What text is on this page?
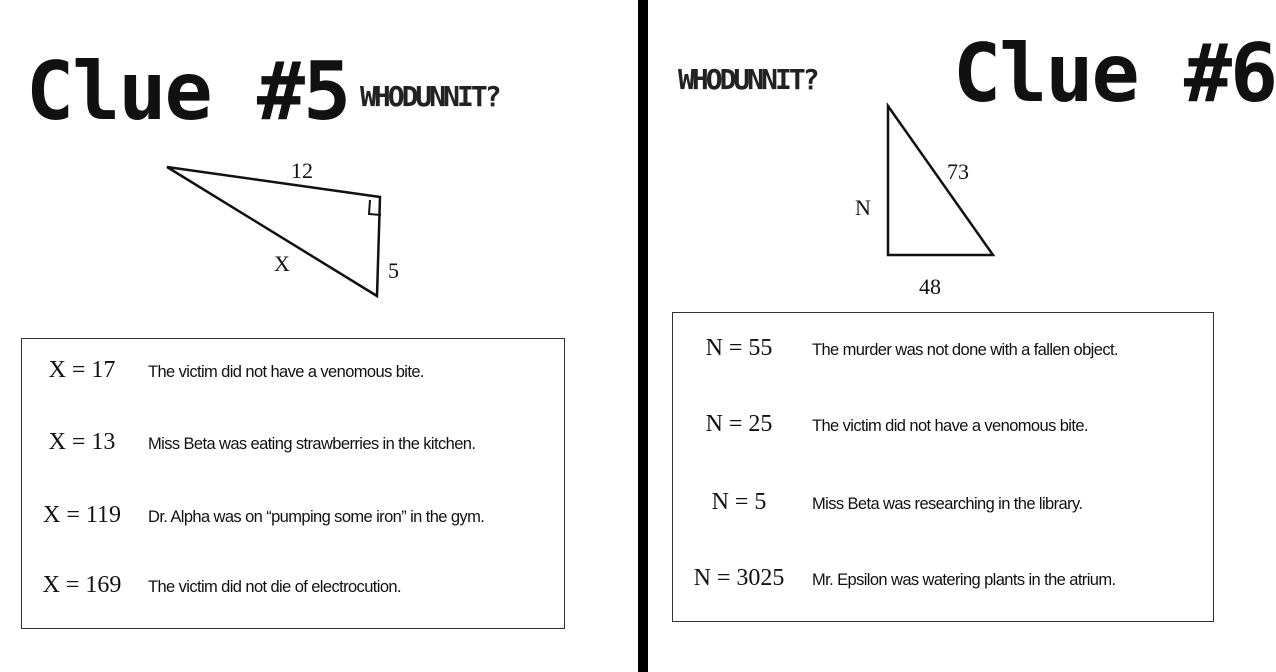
Clue #5 WHODUNNIT?
12
X	5
X = 17	The victim did not have a venomous bite.
X = 13	Miss Beta was eating strawberries in the kitchen.
X = 119	Dr. Alpha was on “pumping some iron” in the gym.
X = 169	The victim did not die of electrocution.
WHODUNNIT? Clue #6
N
73
48
N = 55	The murder was not done with a fallen object.
N = 25	The victim did not have a venomous bite.
N = 5	Miss Beta was researching in the library.
N = 3025	Mr. Epsilon was watering plants in the atrium.
